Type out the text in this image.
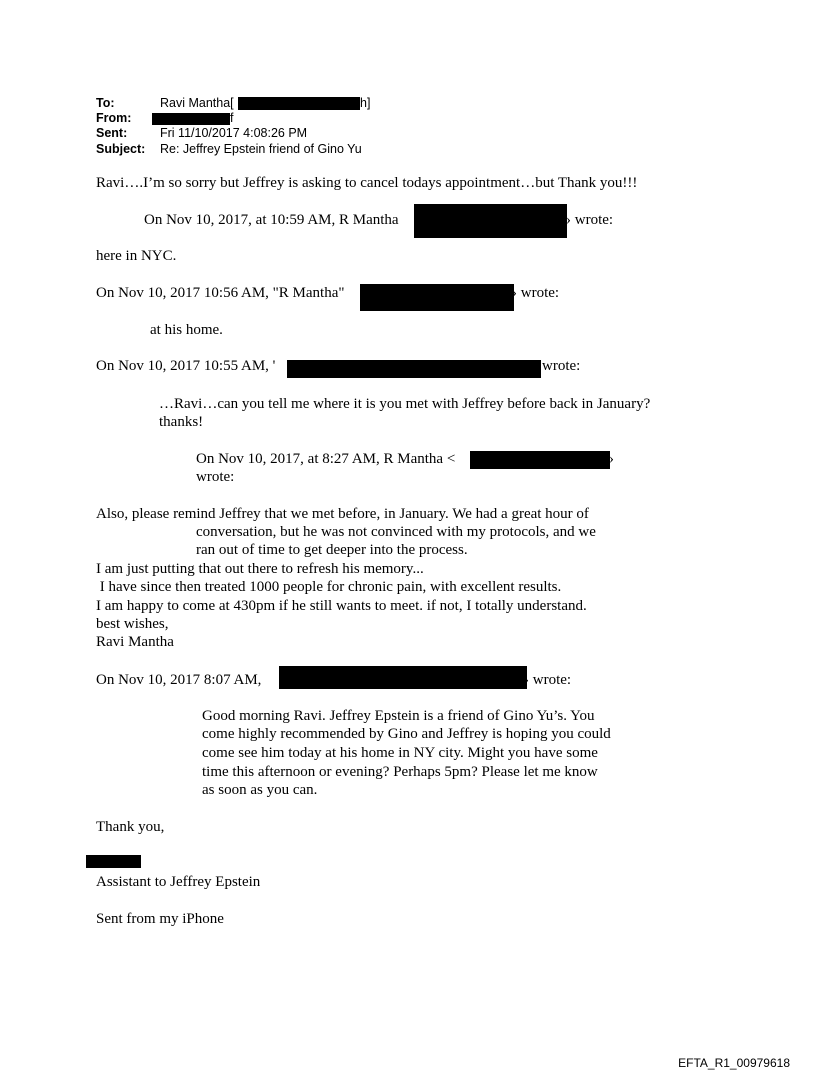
To:	Ravi Mantha[	h]
From:	f
Sent:	Fri 11/10/2017 4:08:26 PM
Subject: Re: Jeffrey Epstein friend of Gino Yu
Ravi….I’m so sorry but Jeffrey is asking to cancel todays appointment…but Thank you!!!
On Nov 10, 2017, at 10:59 AM, R Mantha	› wrote:
here in NYC.
On Nov 10, 2017 10:56 AM, "R Mantha"	› wrote:
at his home.
On Nov 10, 2017 10:55 AM, '	wrote:
…Ravi…can you tell me where it is you met with Jeffrey before back in January?
thanks!
On Nov 10, 2017, at 8:27 AM, R Mantha <	›
wrote:
Also, please remind Jeffrey that we met before, in January. We had a great hour of
conversation, but he was not convinced with my protocols, and we
ran out of time to get deeper into the process.
I am just putting that out there to refresh his memory...
I have since then treated 1000 people for chronic pain, with excellent results.
I am happy to come at 430pm if he still wants to meet. if not, I totally understand.
best wishes,
Ravi Mantha
On Nov 10, 2017 8:07 AM,	› wrote:
Good morning Ravi. Jeffrey Epstein is a friend of Gino Yu’s. You
come highly recommended by Gino and Jeffrey is hoping you could
come see him today at his home in NY city. Might you have some
time this afternoon or evening? Perhaps 5pm? Please let me know
as soon as you can.
Thank you,
Assistant to Jeffrey Epstein
Sent from my iPhone
EFTA_R1_00979618
